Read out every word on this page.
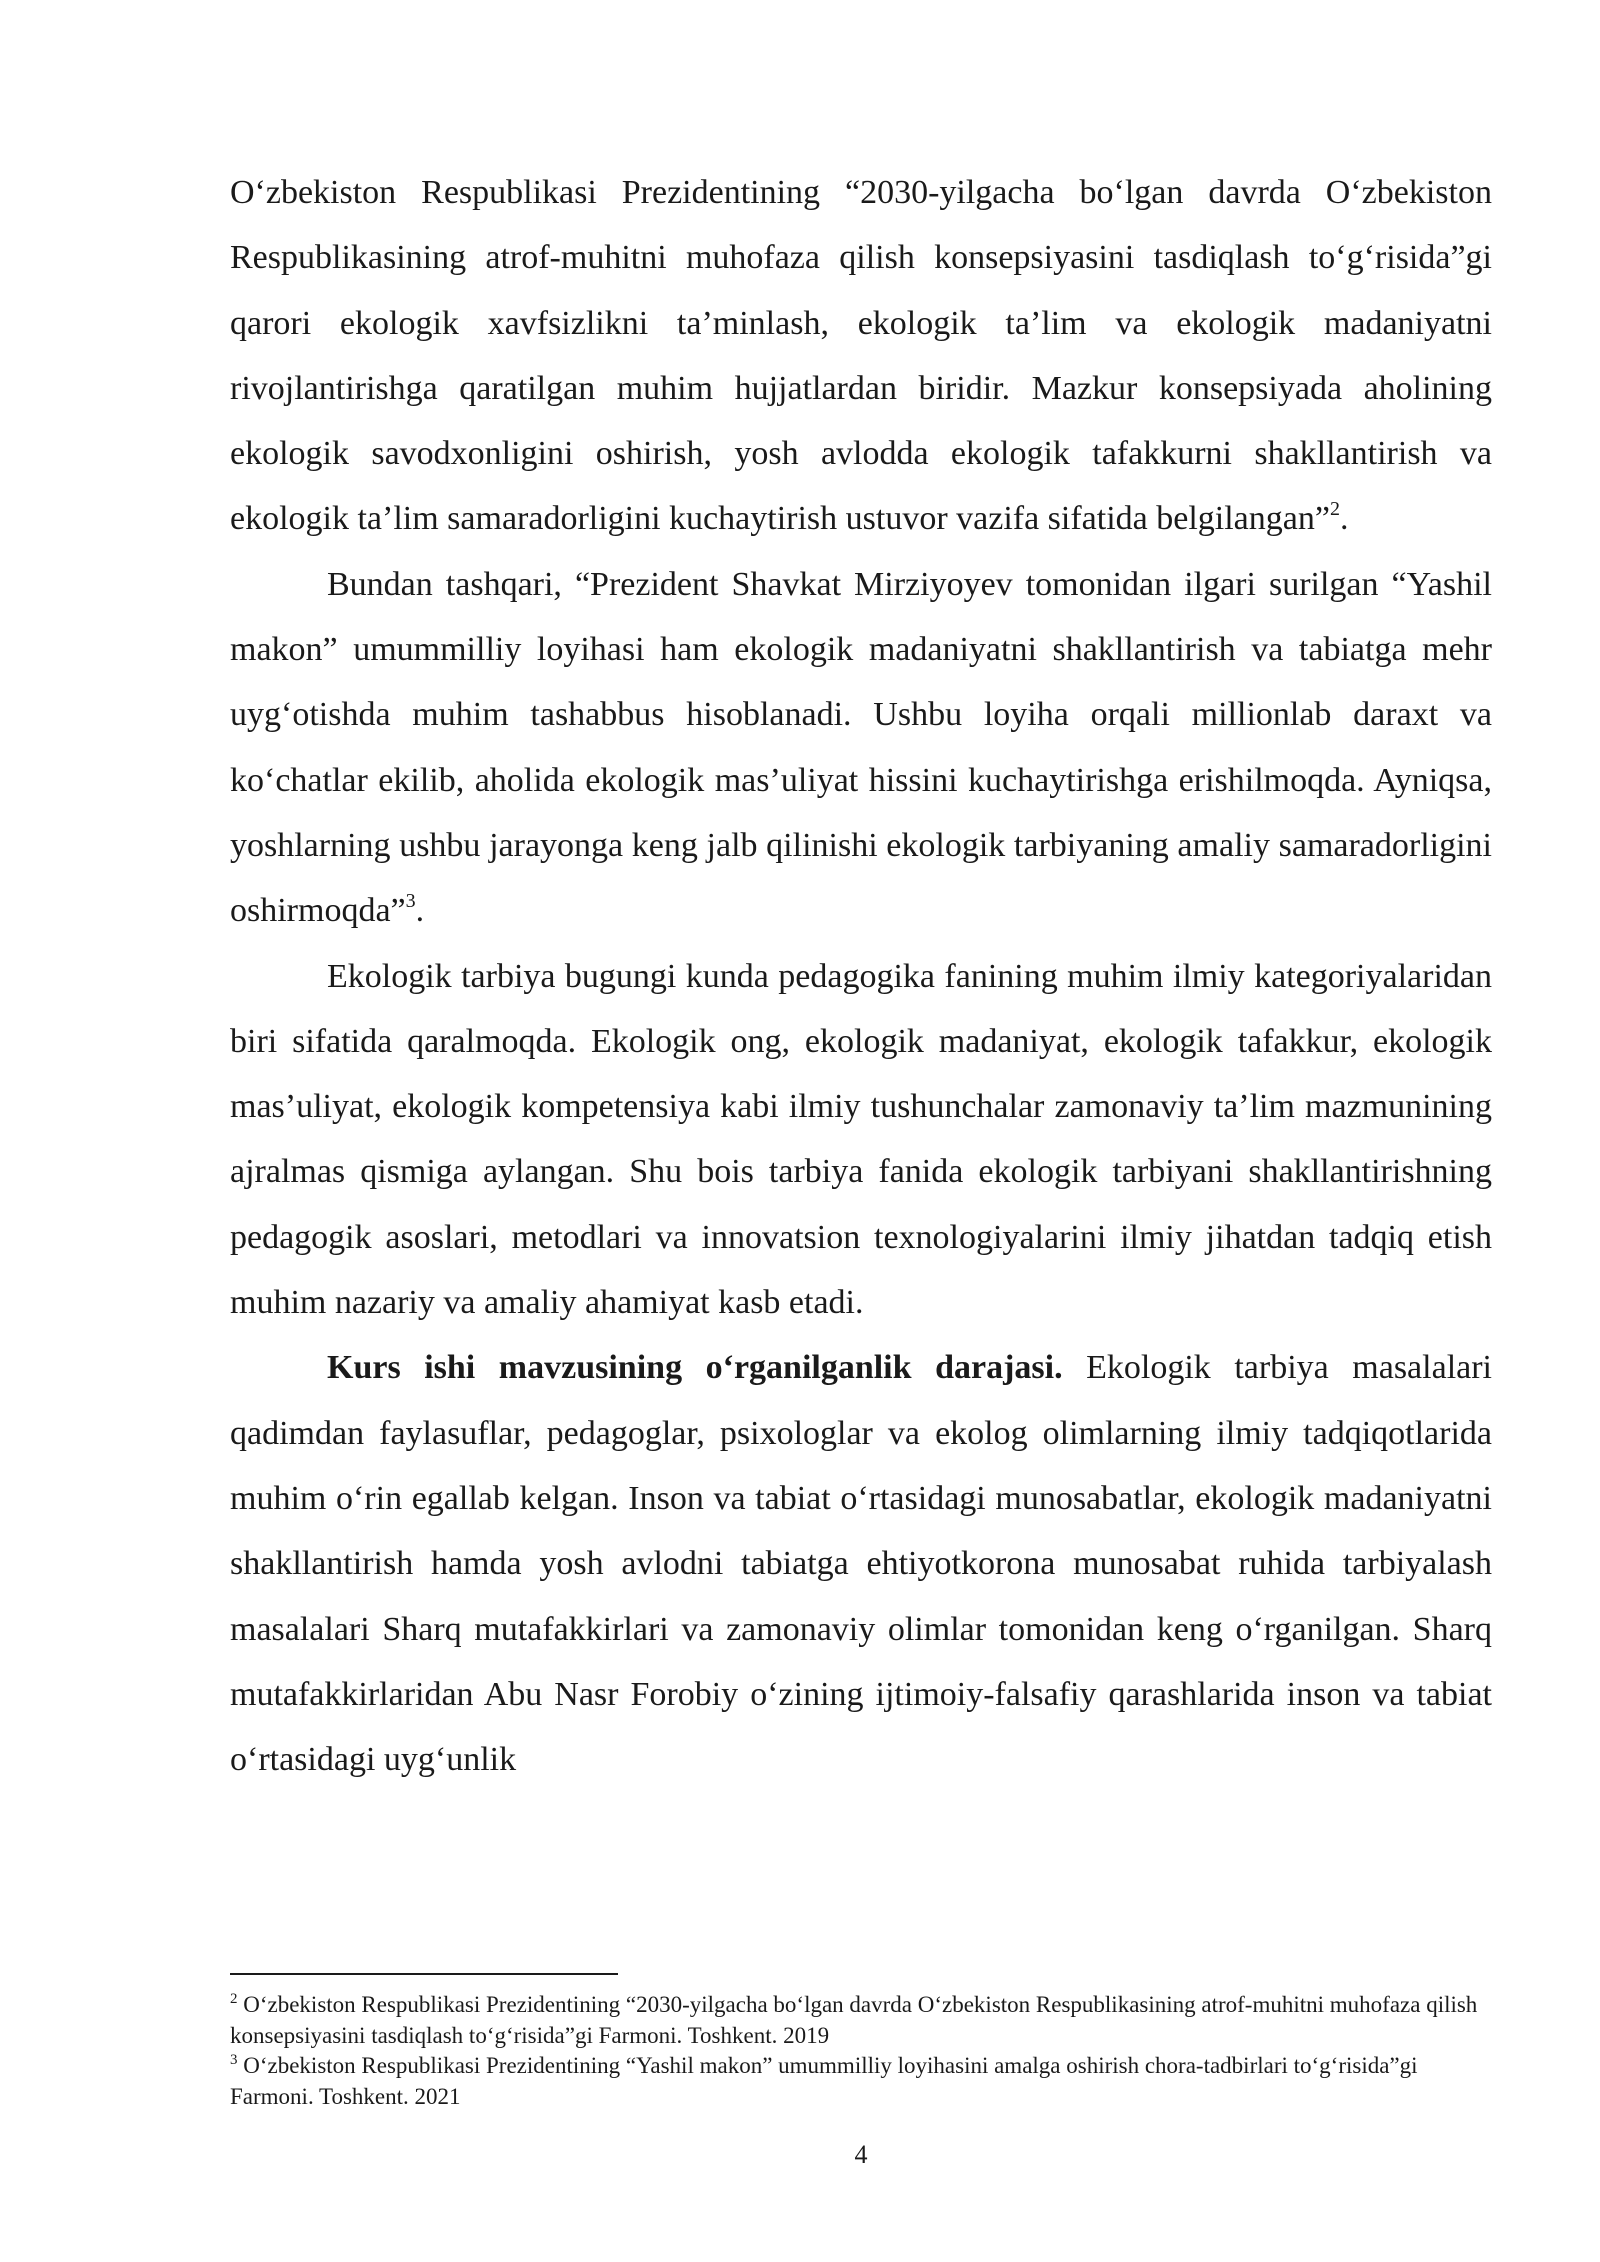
O‘zbekiston Respublikasi Prezidentining “2030-yilgacha bo‘lgan davrda O‘zbekiston Respublikasining atrof-muhitni muhofaza qilish konsepsiyasini tasdiqlash to‘g‘risida”gi qarori ekologik xavfsizlikni ta’minlash, ekologik ta’lim va ekologik madaniyatni rivojlantirishga qaratilgan muhim hujjatlardan biridir. Mazkur konsepsiyada aholining ekologik savodxonligini oshirish, yosh avlodda ekologik tafakkurni shakllantirish va ekologik ta’lim samaradorligini kuchaytirish ustuvor vazifa sifatida belgilangan”$^2$.

Bundan tashqari, “Prezident Shavkat Mirziyoyev tomonidan ilgari surilgan “Yashil makon” umummilliy loyihasi ham ekologik madaniyatni shakllantirish va tabiatga mehr uyg‘otishda muhim tashabbus hisoblanadi. Ushbu loyiha orqali millionlab daraxt va ko‘chatlar ekilib, aholida ekologik mas’uliyat hissini kuchaytirishga erishilmoqda. Ayniqsa, yoshlarning ushbu jarayonga keng jalb qilinishi ekologik tarbiyaning amaliy samaradorligini oshirmoqda”$^3$.

Ekologik tarbiya bugungi kunda pedagogika fanining muhim ilmiy kategoriyalaridan biri sifatida qaralmoqda. Ekologik ong, ekologik madaniyat, ekologik tafakkur, ekologik mas’uliyat, ekologik kompetensiya kabi ilmiy tushunchalar zamonaviy ta’lim mazmunining ajralmas qismiga aylangan. Shu bois tarbiya fanida ekologik tarbiyani shakllantirishning pedagogik asoslari, metodlari va innovatsion texnologiyalarini ilmiy jihatdan tadqiq etish muhim nazariy va amaliy ahamiyat kasb etadi.

Kurs ishi mavzusining o‘rganilganlik darajasi. Ekologik tarbiya masalalari qadimdan faylasuflar, pedagoglar, psixologlar va ekolog olimlarning ilmiy tadqiqotlarida muhim o‘rin egallab kelgan. Inson va tabiat o‘rtasidagi munosabatlar, ekologik madaniyatni shakllantirish hamda yosh avlodni tabiatga ehtiyotkorona munosabat ruhida tarbiyalash masalalari Sharq mutafakkirlari va zamonaviy olimlar tomonidan keng o‘rganilgan. Sharq mutafakkirlaridan Abu Nasr Forobiy o‘zining ijtimoiy-falsafiy qarashlarida inson va tabiat o‘rtasidagi uyg‘unlik

$^2$ O‘zbekiston Respublikasi Prezidentining “2030-yilgacha bo‘lgan davrda O‘zbekiston Respublikasining atrof-muhitni muhofaza qilish konsepsiyasini tasdiqlash to‘g‘risida”gi Farmoni. Toshkent. 2019

$^3$ O‘zbekiston Respublikasi Prezidentining “Yashil makon” umummilliy loyihasini amalga oshirish chora-tadbirlari to‘g‘risida”gi Farmoni. Toshkent. 2021

4
